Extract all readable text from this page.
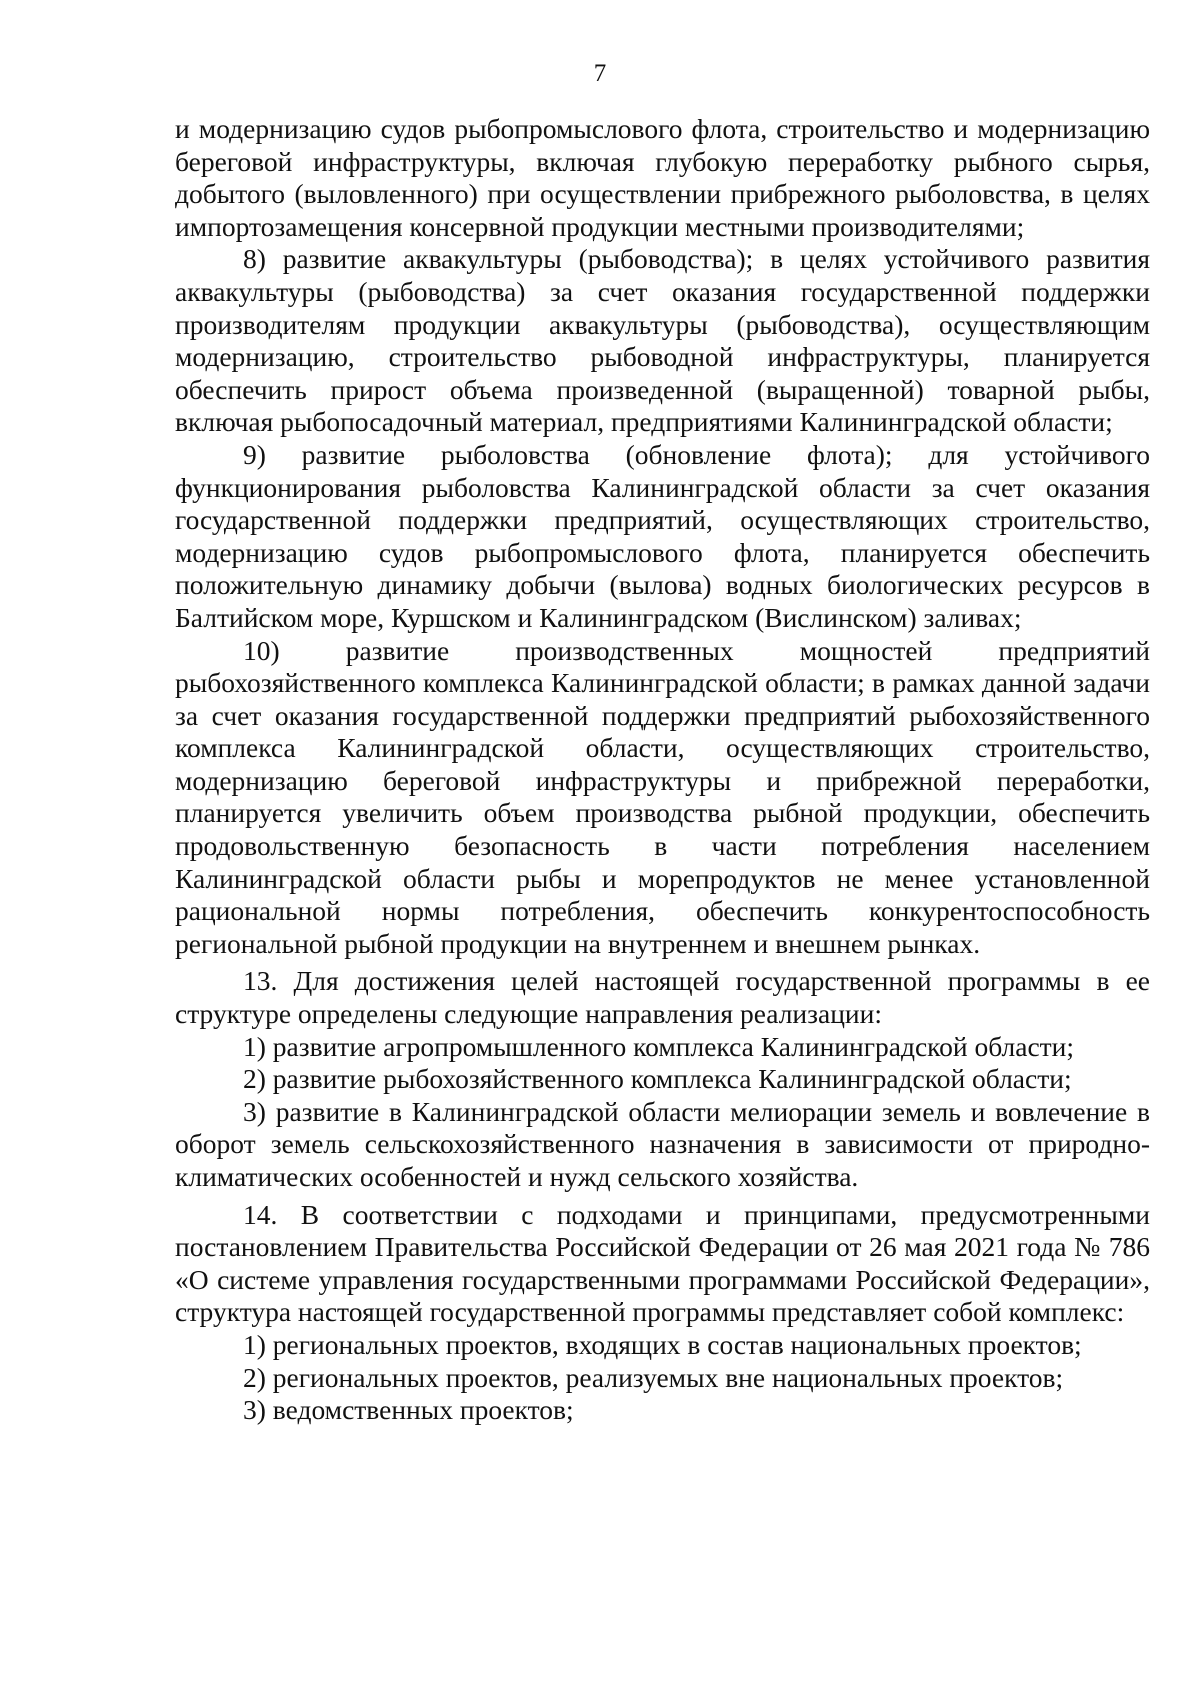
7

и модернизацию судов рыбопромыслового флота, строительство и модернизацию береговой инфраструктуры, включая глубокую переработку рыбного сырья, добытого (выловленного) при осуществлении прибрежного рыболовства, в целях импортозамещения консервной продукции местными производителями;

8) развитие аквакультуры (рыбоводства); в целях устойчивого развития аквакультуры (рыбоводства) за счет оказания государственной поддержки производителям продукции аквакультуры (рыбоводства), осуществляющим модернизацию, строительство рыбоводной инфраструктуры, планируется обеспечить прирост объема произведенной (выращенной) товарной рыбы, включая рыбопосадочный материал, предприятиями Калининградской области;

9) развитие рыболовства (обновление флота); для устойчивого функционирования рыболовства Калининградской области за счет оказания государственной поддержки предприятий, осуществляющих строительство, модернизацию судов рыбопромыслового флота, планируется обеспечить положительную динамику добычи (вылова) водных биологических ресурсов в Балтийском море, Куршском и Калининградском (Вислинском) заливах;

10) развитие производственных мощностей предприятий рыбохозяйственного комплекса Калининградской области; в рамках данной задачи за счет оказания государственной поддержки предприятий рыбохозяйственного комплекса Калининградской области, осуществляющих строительство, модернизацию береговой инфраструктуры и прибрежной переработки, планируется увеличить объем производства рыбной продукции, обеспечить продовольственную безопасность в части потребления населением Калининградской области рыбы и морепродуктов не менее установленной рациональной нормы потребления, обеспечить конкурентоспособность региональной рыбной продукции на внутреннем и внешнем рынках.

13. Для достижения целей настоящей государственной программы в ее структуре определены следующие направления реализации:

1) развитие агропромышленного комплекса Калининградской области;

2) развитие рыбохозяйственного комплекса Калининградской области;

3) развитие в Калининградской области мелиорации земель и вовлечение в оборот земель сельскохозяйственного назначения в зависимости от природно-климатических особенностей и нужд сельского хозяйства.

14. В соответствии с подходами и принципами, предусмотренными постановлением Правительства Российской Федерации от 26 мая 2021 года № 786 «О системе управления государственными программами Российской Федерации», структура настоящей государственной программы представляет собой комплекс:

1) региональных проектов, входящих в состав национальных проектов;

2) региональных проектов, реализуемых вне национальных проектов;

3) ведомственных проектов;
